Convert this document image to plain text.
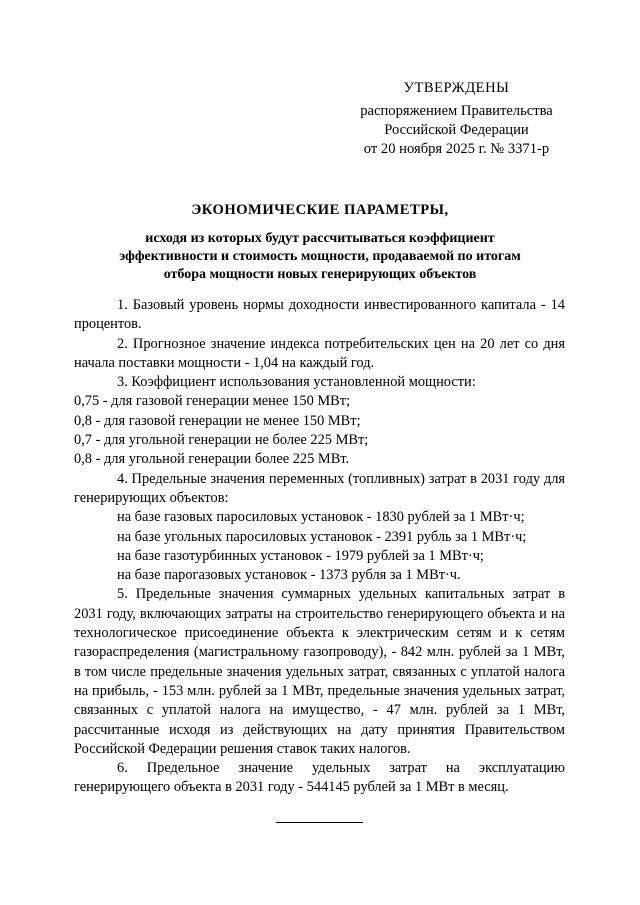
УТВЕРЖДЕНЫ
распоряжением Правительства
Российской Федерации
от 20 ноября 2025 г. № 3371-р
ЭКОНОМИЧЕСКИЕ ПАРАМЕТРЫ,
исходя из которых будут рассчитываться коэффициент
эффективности и стоимость мощности, продаваемой по итогам
отбора мощности новых генерирующих объектов

1. Базовый уровень нормы доходности инвестированного капитала - 14 процентов.

2. Прогнозное значение индекса потребительских цен на 20 лет со дня начала поставки мощности - 1,04 на каждый год.

3. Коэффициент использования установленной мощности:

0,75 - для газовой генерации менее 150 МВт;

0,8 - для газовой генерации не менее 150 МВт;

0,7 - для угольной генерации не более 225 МВт;

0,8 - для угольной генерации более 225 МВт.

4. Предельные значения переменных (топливных) затрат в 2031 году для генерирующих объектов:

на базе газовых паросиловых установок - 1830 рублей за 1 МВт·ч;

на базе угольных паросиловых установок - 2391 рубль за 1 МВт·ч;

на базе газотурбинных установок - 1979 рублей за 1 МВт·ч;

на базе парогазовых установок - 1373 рубля за 1 МВт·ч.

5. Предельные значения суммарных удельных капитальных затрат в 2031 году, включающих затраты на строительство генерирующего объекта и на технологическое присоединение объекта к электрическим сетям и к сетям газораспределения (магистральному газопроводу), - 842 млн. рублей за 1 МВт, в том числе предельные значения удельных затрат, связанных с уплатой налога на прибыль, - 153 млн. рублей за 1 МВт, предельные значения удельных затрат, связанных с уплатой налога на имущество, - 47 млн. рублей за 1 МВт, рассчитанные исходя из действующих на дату принятия Правительством Российской Федерации решения ставок таких налогов.

6. Предельное значение удельных затрат на эксплуатацию генерирующего объекта в 2031 году - 544145 рублей за 1 МВт в месяц.
